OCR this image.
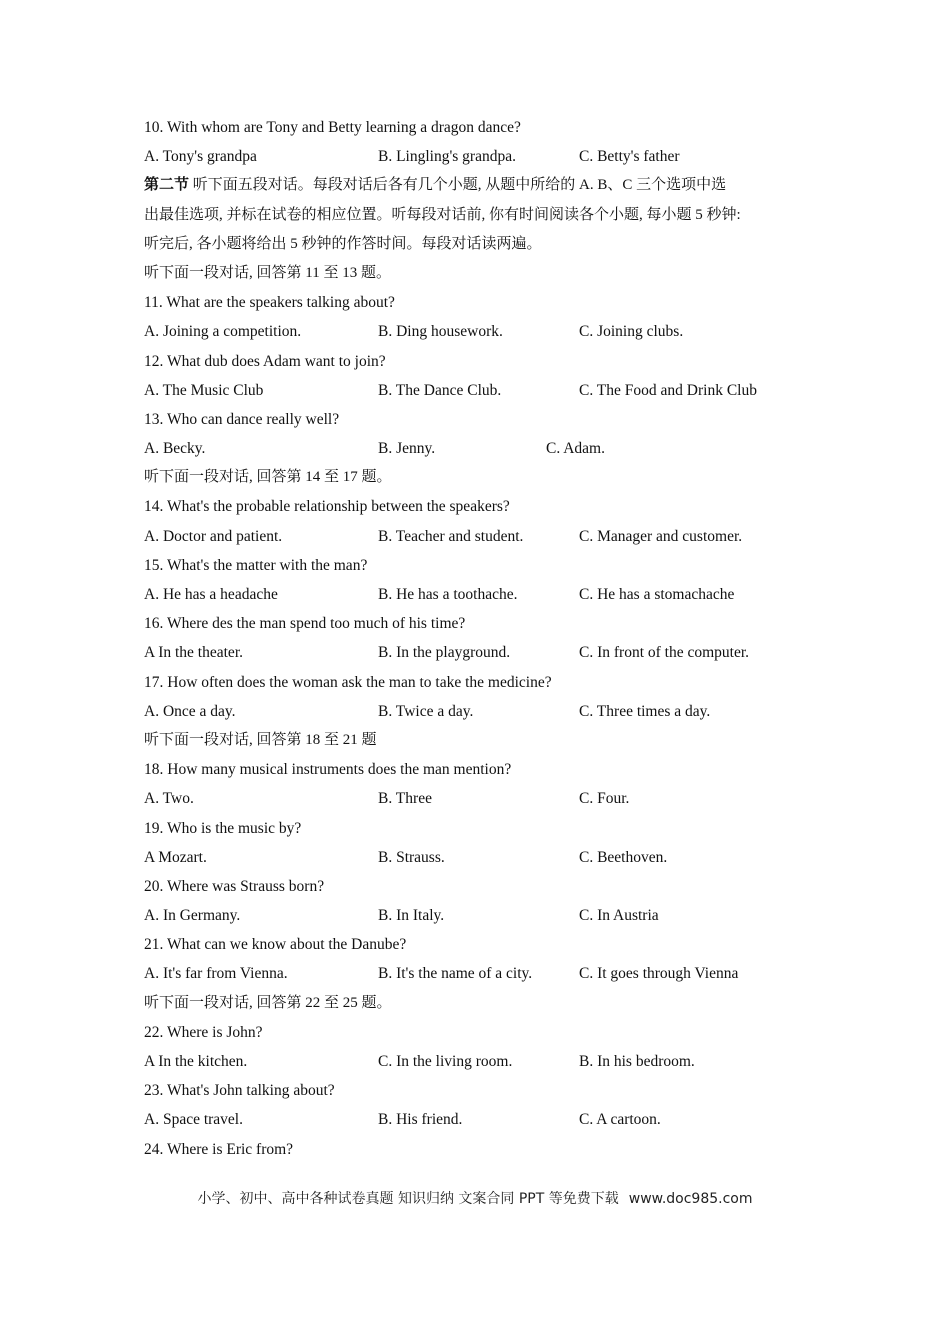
10. With whom are Tony and Betty learning a dragon dance?
A. Tony's grandpa	B. Lingling's grandpa.	C. Betty's father
第二节 听下面五段对话。每段对话后各有几个小题, 从题中所给的 A. B、C 三个选项中选
出最佳选项, 并标在试卷的相应位置。听每段对话前, 你有时间阅读各个小题, 每小题 5 秒钟:
听完后, 各小题将给出 5 秒钟的作答时间。每段对话读两遍。
听下面一段对话, 回答第 11 至 13 题。
11. What are the speakers talking about?
A. Joining a competition.	B. Ding housework.	C. Joining clubs.
12. What dub does Adam want to join?
A. The Music Club	B. The Dance Club.	C. The Food and Drink Club
13. Who can dance really well?
A. Becky.	B. Jenny.	C. Adam.
听下面一段对话, 回答第 14 至 17 题。
14. What's the probable relationship between the speakers?
A. Doctor and patient.	B. Teacher and student.	C. Manager and customer.
15. What's the matter with the man?
A. He has a headache	B. He has a toothache.	C. He has a stomachache
16. Where des the man spend too much of his time?
A In the theater.	B. In the playground.	C. In front of the computer.
17. How often does the woman ask the man to take the medicine?
A. Once a day.	B. Twice a day.	C. Three times a day.
听下面一段对话, 回答第 18 至 21 题
18. How many musical instruments does the man mention?
A. Two.	B. Three	C. Four.
19. Who is the music by?
A Mozart.	B. Strauss.	C. Beethoven.
20. Where was Strauss born?
A. In Germany.	B. In Italy.	C. In Austria
21. What can we know about the Danube?
A. It's far from Vienna.	B. It's the name of a city.	C. It goes through Vienna
听下面一段对话, 回答第 22 至 25 题。
22. Where is John?
A In the kitchen.	C. In the living room.	B. In his bedroom.
23. What's John talking about?
A. Space travel.	B. His friend.	C. A cartoon.
24. Where is Eric from?
小学、初中、高中各种试卷真题 知识归纳 文案合同 PPT 等免费下载 www.doc985.com
